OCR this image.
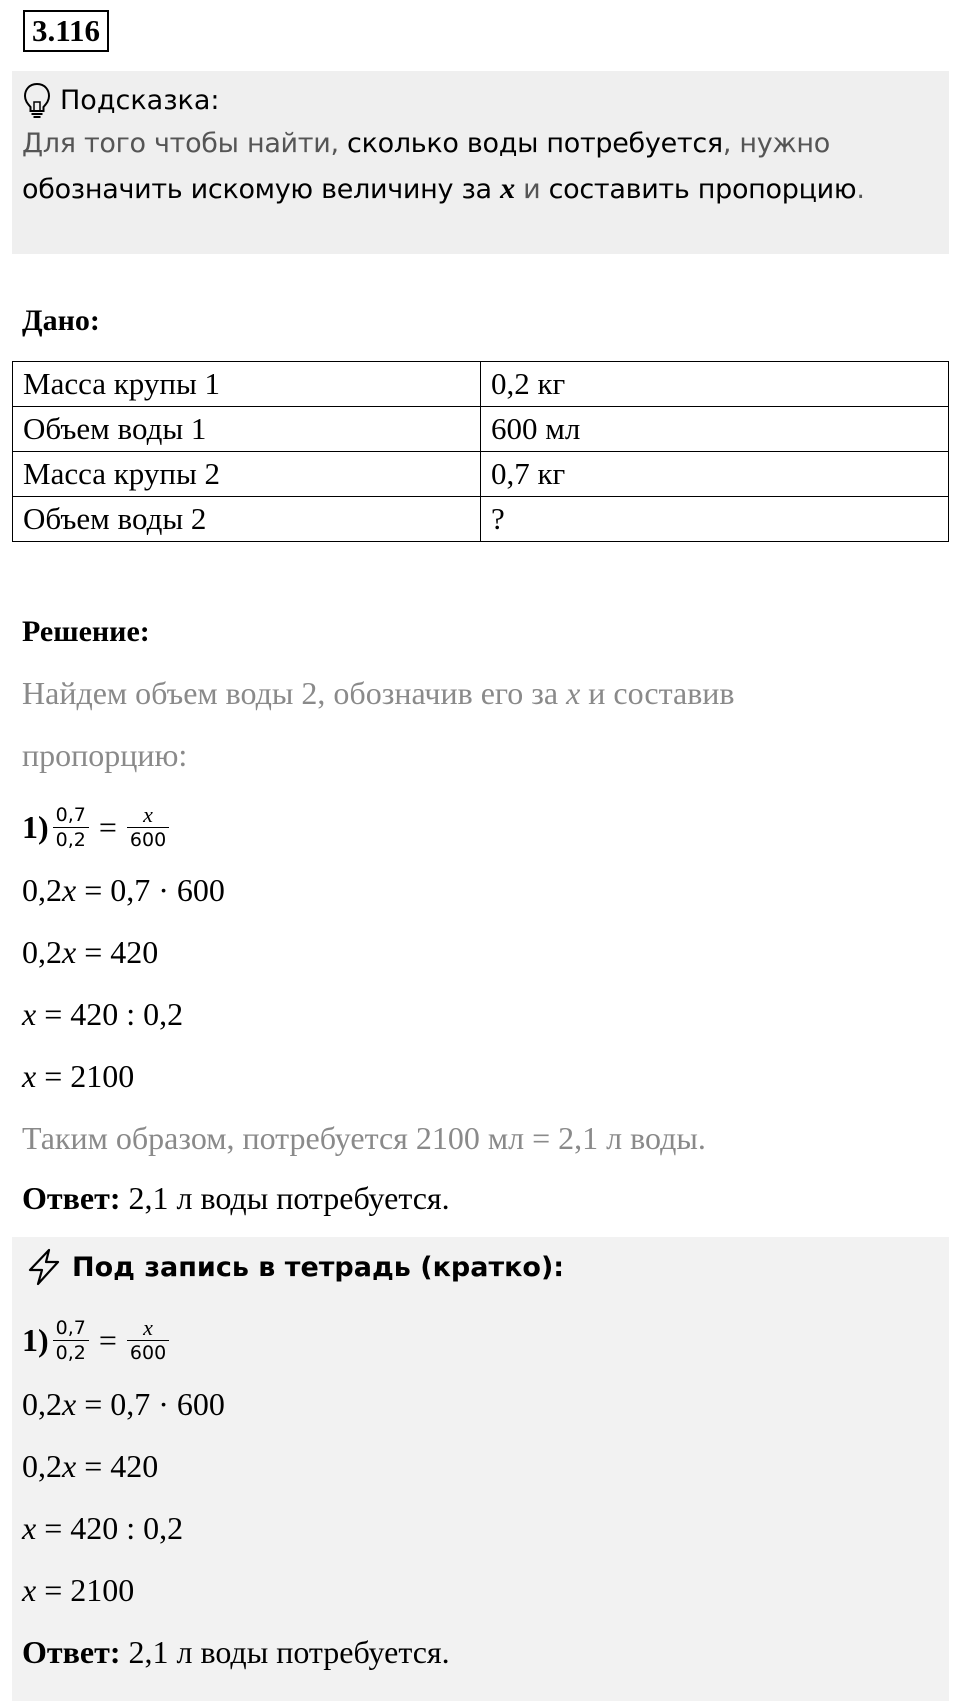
3.116
Подсказка:
Для того чтобы найти, сколько воды потребуется, нужно
обозначить искомую величину за x и составить пропорцию.
Дано:
Масса крупы 1	0,2 кг
Объем воды 1	600 мл
Масса крупы 2	0,7 кг
Объем воды 2	?
Решение:
Найдем объем воды 2, обозначив его за x и составив
пропорцию:
$1) \frac{0,7}{0,2} = \frac{x}{600}$
0,2x = 0,7 · 600
0,2x = 420
x = 420 : 0,2
x = 2100
Таким образом, потребуется 2100 мл = 2,1 л воды.
Ответ: 2,1 л воды потребуется.
Под запись в тетрадь (кратко):
$1) \frac{0,7}{0,2} = \frac{x}{600}$
0,2x = 0,7 · 600
0,2x = 420
x = 420 : 0,2
x = 2100
Ответ: 2,1 л воды потребуется.
